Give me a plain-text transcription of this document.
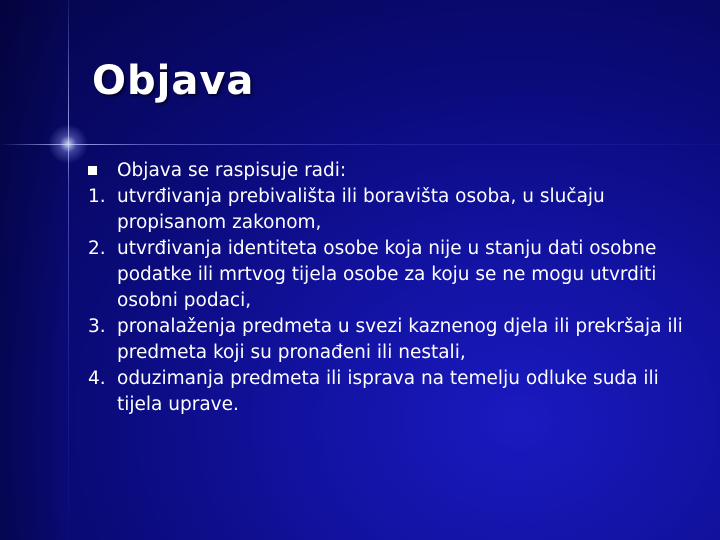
Objava
Objava se raspisuje radi:
1. utvrđivanja prebivališta ili boravišta osoba, u slučaju propisanom zakonom,
2. utvrđivanja identiteta osobe koja nije u stanju dati osobne podatke ili mrtvog tijela osobe za koju se ne mogu utvrditi osobni podaci,
3. pronalaženja predmeta u svezi kaznenog djela ili prekršaja ili predmeta koji su pronađeni ili nestali,
4. oduzimanja predmeta ili isprava na temelju odluke suda ili tijela uprave.
